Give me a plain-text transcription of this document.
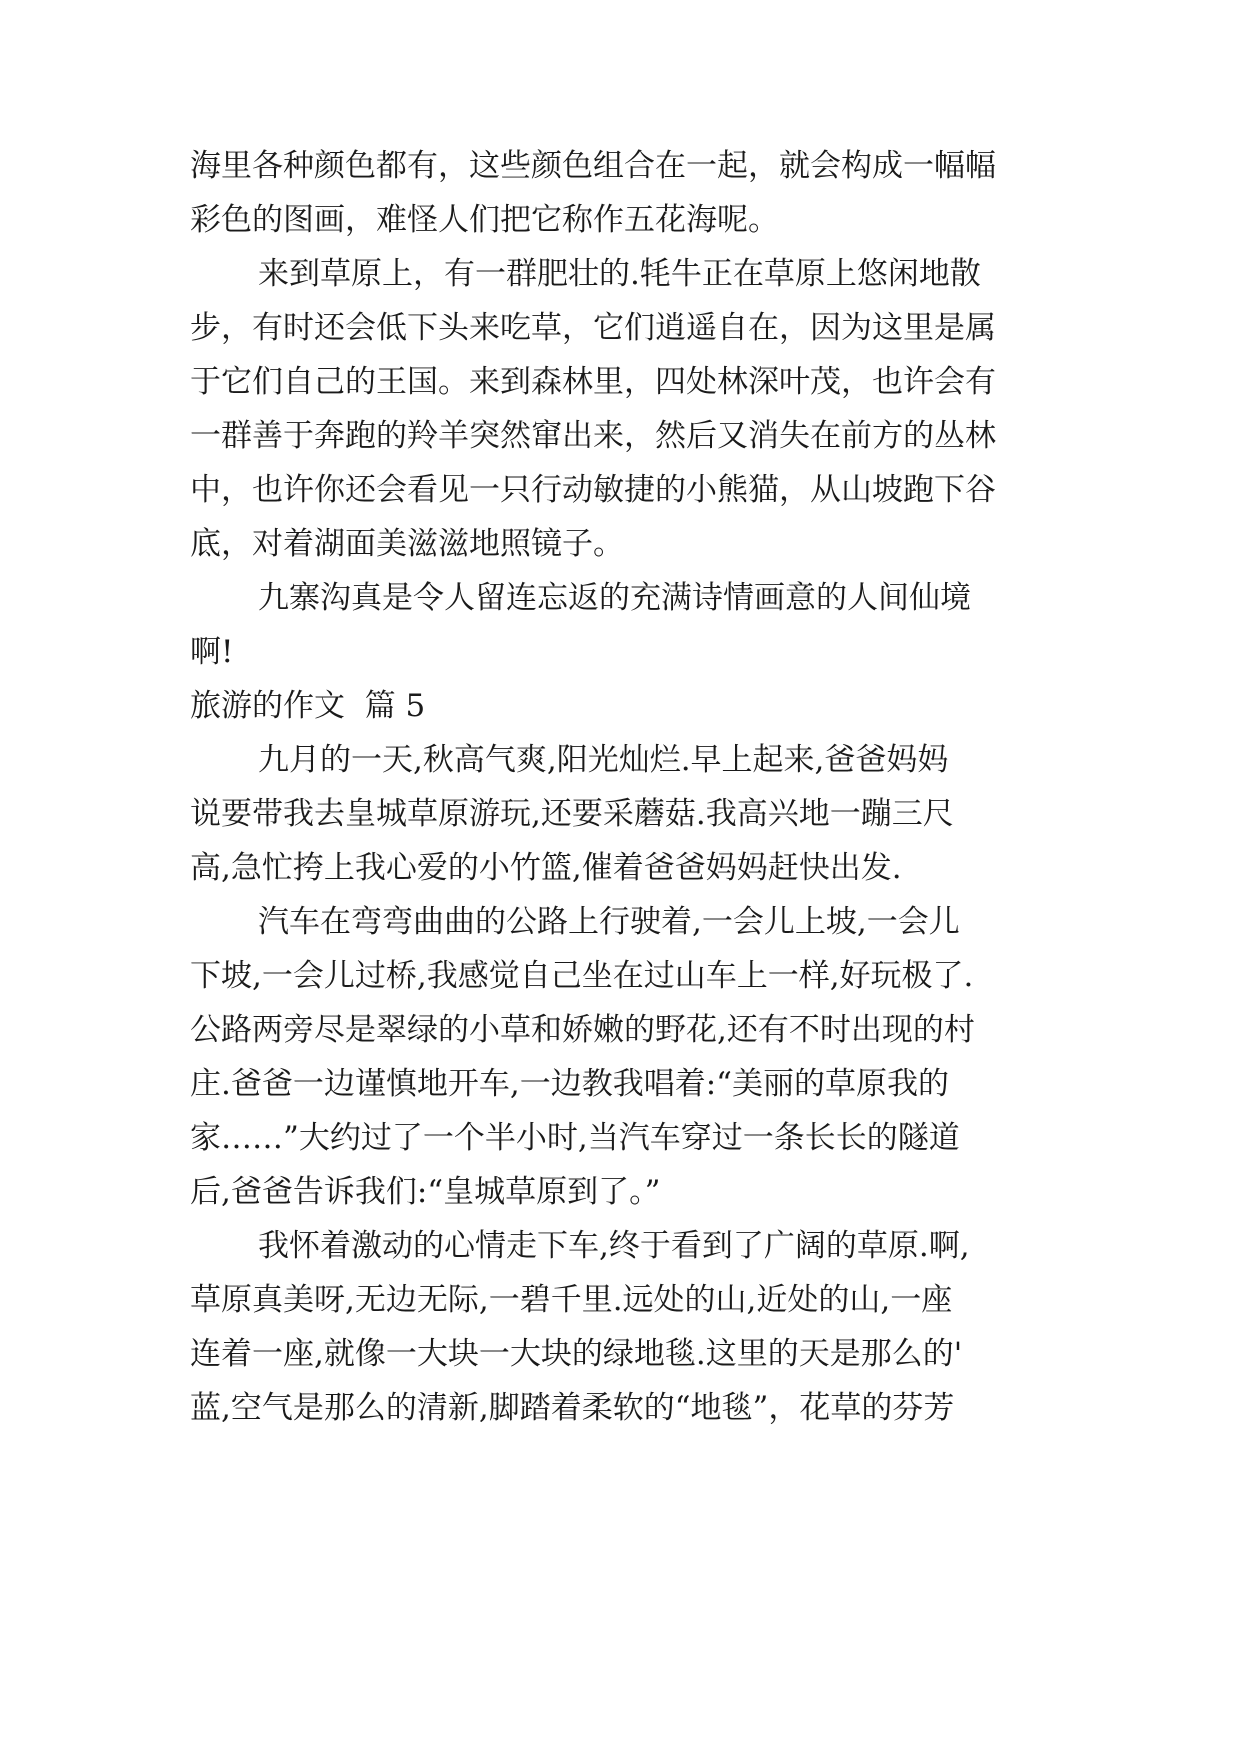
海里各种颜色都有，这些颜色组合在一起，就会构成一幅幅
彩色的图画，难怪人们把它称作五花海呢。
来到草原上，有一群肥壮的.牦牛正在草原上悠闲地散
步，有时还会低下头来吃草，它们逍遥自在，因为这里是属
于它们自己的王国。来到森林里，四处林深叶茂，也许会有
一群善于奔跑的羚羊突然窜出来，然后又消失在前方的丛林
中，也许你还会看见一只行动敏捷的小熊猫，从山坡跑下谷
底，对着湖面美滋滋地照镜子。
九寨沟真是令人留连忘返的充满诗情画意的人间仙境
啊!
旅游的作文  篇 5
九月的一天,秋高气爽,阳光灿烂.早上起来,爸爸妈妈
说要带我去皇城草原游玩,还要采蘑菇.我高兴地一蹦三尺
高,急忙挎上我心爱的小竹篮,催着爸爸妈妈赶快出发.
汽车在弯弯曲曲的公路上行驶着,一会儿上坡,一会儿
下坡,一会儿过桥,我感觉自己坐在过山车上一样,好玩极了.
公路两旁尽是翠绿的小草和娇嫩的野花,还有不时出现的村
庄.爸爸一边谨慎地开车,一边教我唱着:“美丽的草原我的
家……”大约过了一个半小时,当汽车穿过一条长长的隧道
后,爸爸告诉我们:“皇城草原到了。”
我怀着激动的心情走下车,终于看到了广阔的草原.啊,
草原真美呀,无边无际,一碧千里.远处的山,近处的山,一座
连着一座,就像一大块一大块的绿地毯.这里的天是那么的'
蓝,空气是那么的清新,脚踏着柔软的“地毯”，花草的芬芳
